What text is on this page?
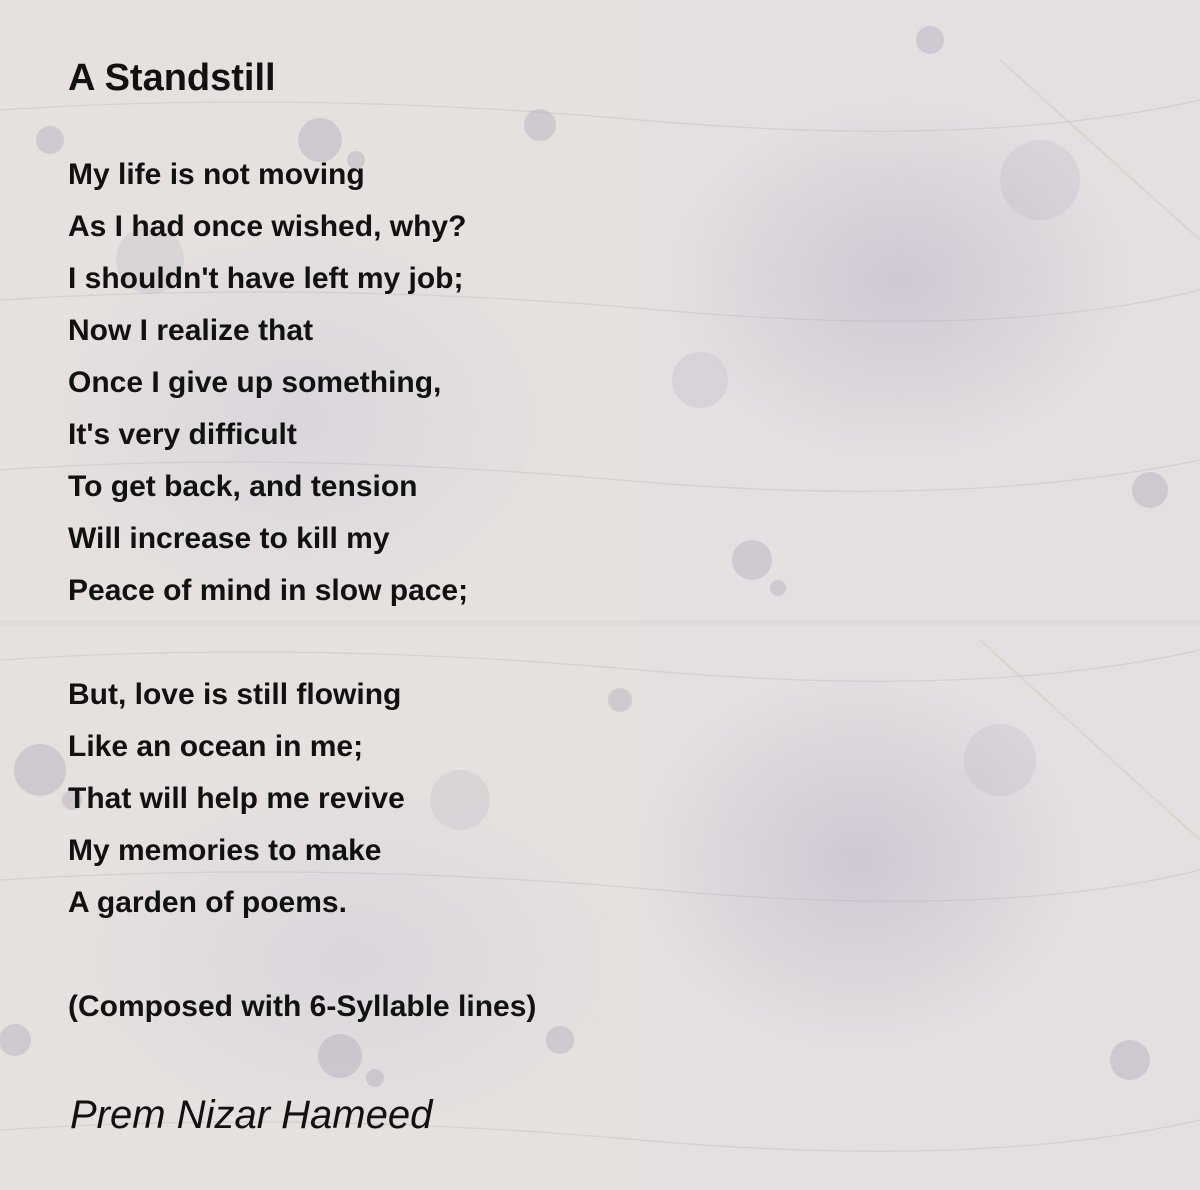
A Standstill
My life is not moving
As I had once wished, why?
I shouldn't have left my job;
Now I realize that
Once I give up something,
It's very difficult
To get back, and tension
Will increase to kill my
Peace of mind in slow pace;
But, love is still flowing
Like an ocean in me;
That will help me revive
My memories to make
A garden of poems.
(Composed with 6-Syllable lines)
Prem Nizar Hameed
